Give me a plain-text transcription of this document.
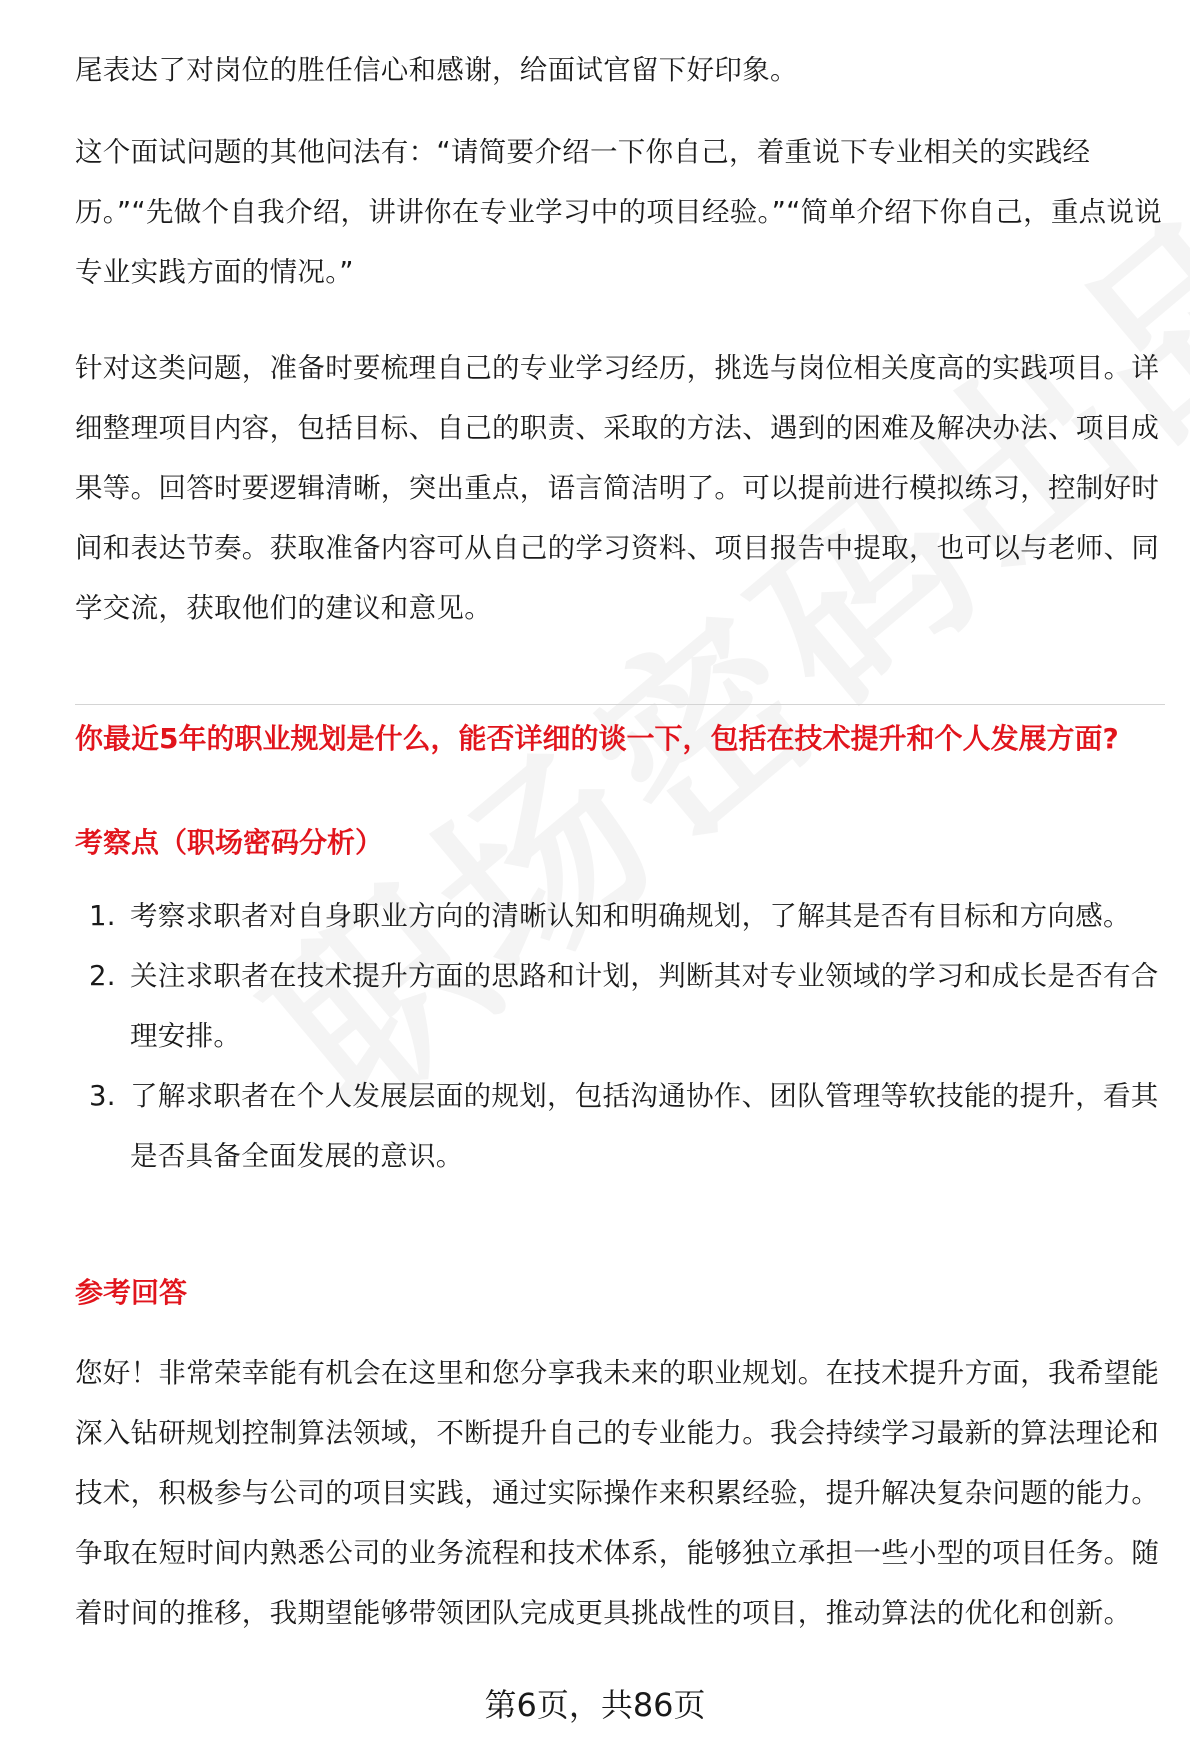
尾表达了对岗位的胜任信心和感谢，给面试官留下好印象。

这个面试问题的其他问法有：“请简要介绍一下你自己，着重说下专业相关的实践经历。”“先做个自我介绍，讲讲你在专业学习中的项目经验。”“简单介绍下你自己，重点说说专业实践方面的情况。”

针对这类问题，准备时要梳理自己的专业学习经历，挑选与岗位相关度高的实践项目。详细整理项目内容，包括目标、自己的职责、采取的方法、遇到的困难及解决办法、项目成果等。回答时要逻辑清晰，突出重点，语言简洁明了。可以提前进行模拟练习，控制好时间和表达节奏。获取准备内容可从自己的学习资料、项目报告中提取，也可以与老师、同学交流，获取他们的建议和意见。

你最近5年的职业规划是什么，能否详细的谈一下，包括在技术提升和个人发展方面?
考察点（职场密码分析）
1. 考察求职者对自身职业方向的清晰认知和明确规划，了解其是否有目标和方向感。
2. 关注求职者在技术提升方面的思路和计划，判断其对专业领域的学习和成长是否有合理安排。
3. 了解求职者在个人发展层面的规划，包括沟通协作、团队管理等软技能的提升，看其是否具备全面发展的意识。
参考回答

您好！非常荣幸能有机会在这里和您分享我未来的职业规划。在技术提升方面，我希望能深入钻研规划控制算法领域，不断提升自己的专业能力。我会持续学习最新的算法理论和技术，积极参与公司的项目实践，通过实际操作来积累经验，提升解决复杂问题的能力。争取在短时间内熟悉公司的业务流程和技术体系，能够独立承担一些小型的项目任务。随着时间的推移，我期望能够带领团队完成更具挑战性的项目，推动算法的优化和创新。

第6页，共86页
